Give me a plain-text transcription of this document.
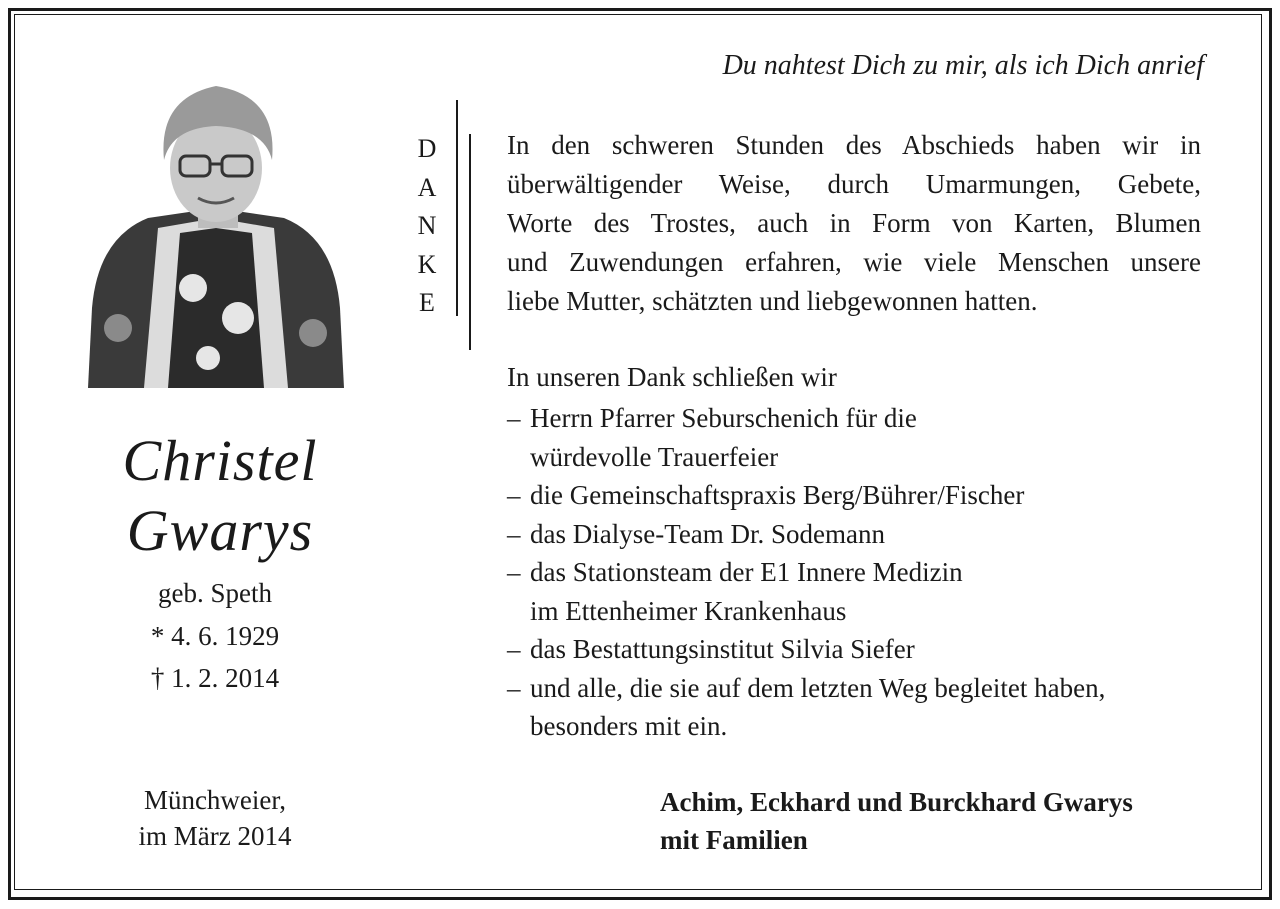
Christel
Gwarys
geb. Speth
* 4. 6. 1929
† 1. 2. 2014
Münchweier,
im März 2014
Du nahtest Dich zu mir, als ich Dich anrief
D
A
N
K
E
In den schweren Stunden des Abschieds haben wir in
überwältigender Weise, durch Umarmungen, Gebete,
Worte des Trostes, auch in Form von Karten, Blumen
und Zuwendungen erfahren, wie viele Menschen unsere
liebe Mutter, schätzten und liebgewonnen hatten.
In unseren Dank schließen wir
– Herrn Pfarrer Seburschenich für die
würdevolle Trauerfeier
– die Gemeinschaftspraxis Berg/Bührer/Fischer
– das Dialyse-Team Dr. Sodemann
– das Stationsteam der E1 Innere Medizin
im Ettenheimer Krankenhaus
– das Bestattungsinstitut Silvia Siefer
– und alle, die sie auf dem letzten Weg begleitet haben,
besonders mit ein.
Achim, Eckhard und Burckhard Gwarys
mit Familien
